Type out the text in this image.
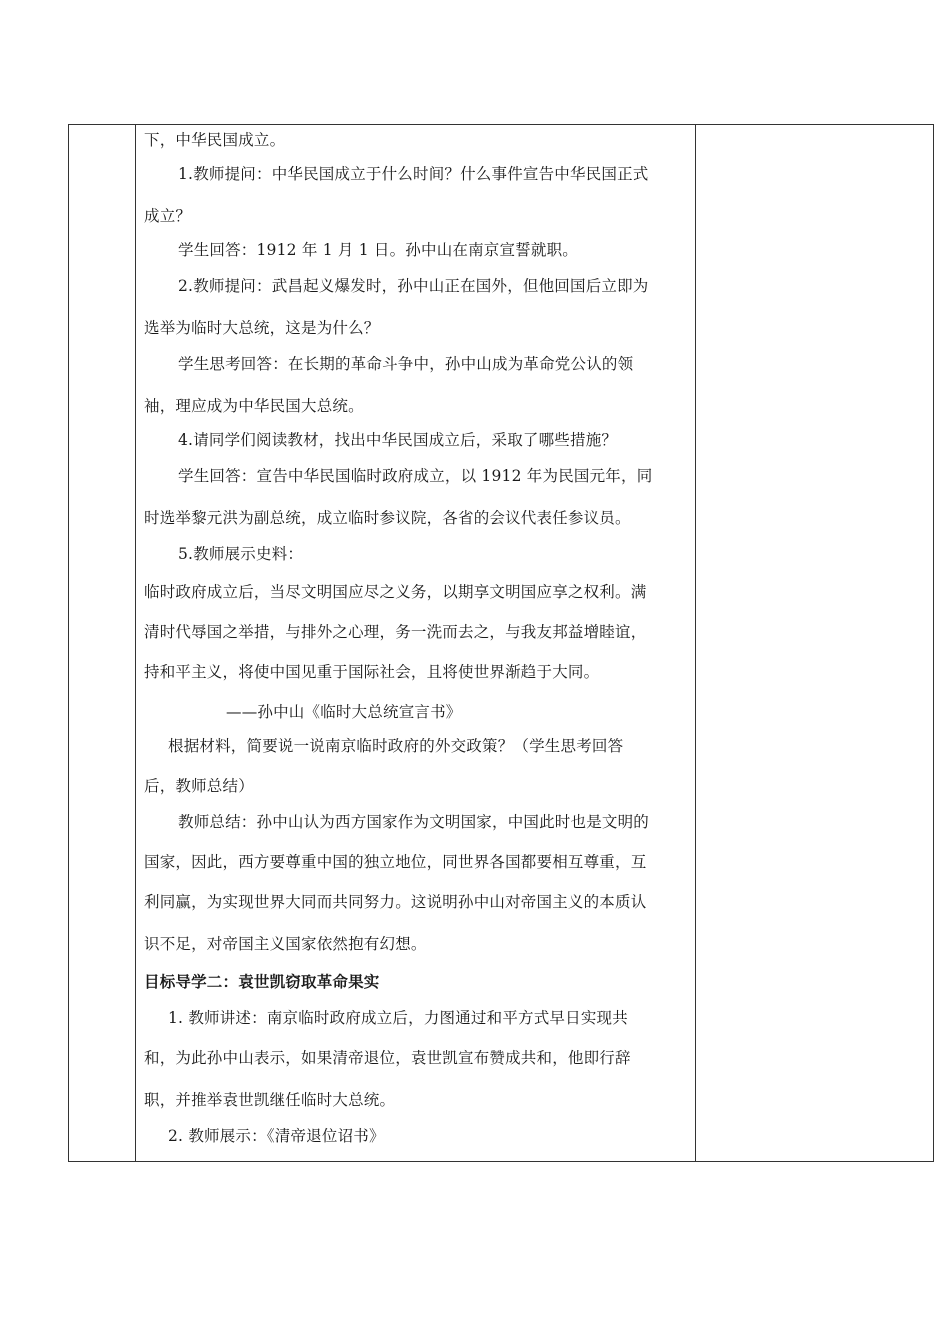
下，中华民国成立。
1.教师提问：中华民国成立于什么时间？什么事件宣告中华民国正式
成立？
学生回答：1912 年 1 月 1 日。孙中山在南京宣誓就职。
2.教师提问：武昌起义爆发时，孙中山正在国外，但他回国后立即为
选举为临时大总统，这是为什么？
学生思考回答：在长期的革命斗争中，孙中山成为革命党公认的领
袖，理应成为中华民国大总统。
4.请同学们阅读教材，找出中华民国成立后，采取了哪些措施？
学生回答：宣告中华民国临时政府成立，以 1912 年为民国元年，同
时选举黎元洪为副总统，成立临时参议院，各省的会议代表任参议员。
5.教师展示史料：
临时政府成立后，当尽文明国应尽之义务，以期享文明国应享之权利。满
清时代辱国之举措，与排外之心理，务一洗而去之，与我友邦益增睦谊，
持和平主义，将使中国见重于国际社会，且将使世界渐趋于大同。
——孙中山《临时大总统宣言书》
根据材料，简要说一说南京临时政府的外交政策？（学生思考回答
后，教师总结）
教师总结：孙中山认为西方国家作为文明国家，中国此时也是文明的
国家，因此，西方要尊重中国的独立地位，同世界各国都要相互尊重，互
利同赢，为实现世界大同而共同努力。这说明孙中山对帝国主义的本质认
识不足，对帝国主义国家依然抱有幻想。
目标导学二：袁世凯窃取革命果实
1. 教师讲述：南京临时政府成立后，力图通过和平方式早日实现共
和，为此孙中山表示，如果清帝退位，袁世凯宣布赞成共和，他即行辞
职，并推举袁世凯继任临时大总统。
2. 教师展示：《清帝退位诏书》
